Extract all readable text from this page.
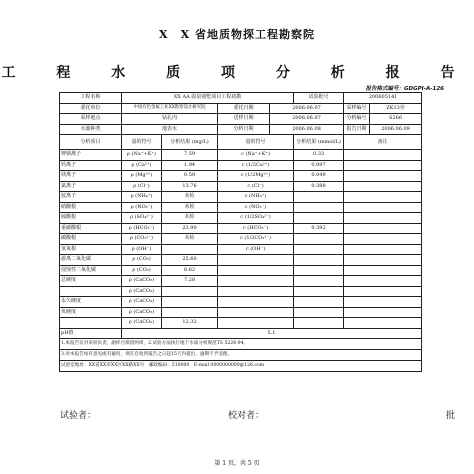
X　X 省地质物探工程勘察院
工 程 水 质 项 分 析 报 告
报告格式编号：GDGPI-A-126
工程名称	XX AA 温泉别墅项目工程初勘				试验批号	20060514I	
委托单位	中国有色金属工业XX勘察设计研究院		委托日期	2006.06.07		采样编号	ZK13旁
采样地点	钻孔内		送样日期	2006.06.07		分析编号	S266
水源种类	地表水		分析日期	2006.06.08		报告日期	2006.06.09
分析项目	量的符号	分析结果 (mg/L)	量的符号		分析结果 (mmol/L)	备注	
钾钠离子	ρ (Na⁺+K⁺)	7.59	c (Na⁺+K⁺)		0.33		
钙离子	ρ (Ca²⁺)	1.94	c (1/2Ca²⁺)		0.097		
镁离子	ρ (Mg²⁺)	0.59	c (1/2Mg²⁺)		0.049		
氯离子	ρ (Cl⁻)	13.76	c (Cl⁻)		0.388		
铵离子	ρ (NH₄⁺)	未检	c (NH₄⁺)				
硝酸根	ρ (NO₃⁻)	未检	c (NO₃⁻)				
硫酸根	ρ (SO₄²⁻)	未检	c (1/2SO₄²⁻)				
重碳酸根	ρ (HCO₃⁻)	23.90	c (HCO₃⁻)		0.392		
碳酸根	ρ (CO₃²⁻)	未检	c (1/2CO₃²⁻)				
氢氧根	ρ (OH⁻)		c (OH⁻)				
游离二氧化碳	ρ (CO₂)	25.60					
侵蚀性二氧化碳	ρ (CO₂)	8.62					
总硬度	ρ (CaCO₃)	7.28					
	ρ (CaCO₃)						
永久硬度	ρ (CaCO₃)						
负硬度	ρ (CaCO₃)						
	ρ (CaCO₃)	12.32					
pH值	5.1						
1.本报告仅对来样负责，副样目保留两周，2.试验方法执行地下水质分析规范TS 5226-94。							
3.对本报告如有意见或有疑问，须在自收到报告之日起15天内提出，逾期不予受理。							
试验室地址：XX省XX市XX区XX路XX号　邮政编码：510000　E-mail 0000000000@126.com							
试验者：	校对者：	批
第 1 页，共 5 页
